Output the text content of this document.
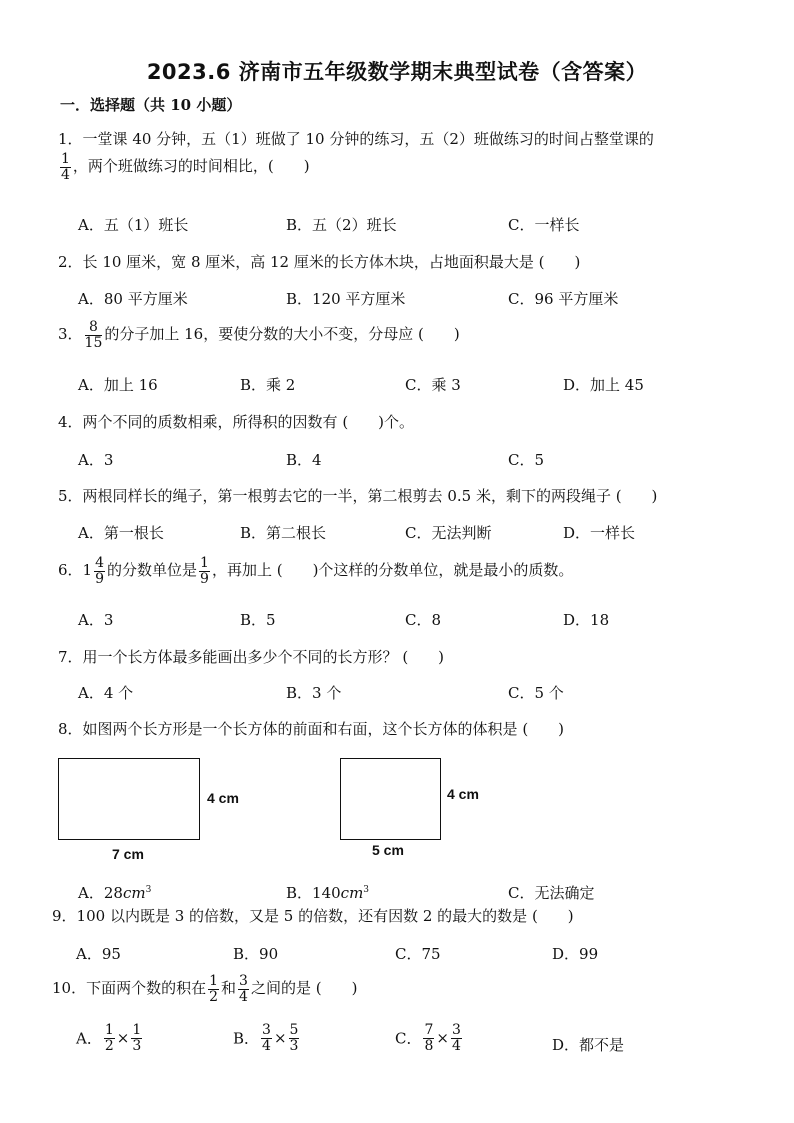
2023.6 济南市五年级数学期末典型试卷（含答案）
一．选择题（共 10 小题）
1．一堂课 40 分钟，五（1）班做了 10 分钟的练习，五（2）班做练习的时间占整堂课的
$\frac{1}{4}$ ，两个班做练习的时间相比，(　　)
A．五（1）班长	B．五（2）班长	C．一样长
2．长 10 厘米，宽 8 厘米，高 12 厘米的长方体木块，占地面积最大是 (　　)
A．80 平方厘米	B．120 平方厘米	C．96 平方厘米
3． $\frac{8}{15}$ 的分子加上 16，要使分数的大小不变，分母应 (　　)
A．加上 16	B．乘 2	C．乘 3	D．加上 45
4．两个不同的质数相乘，所得积的因数有 (　　)个。
A．3	B．4	C．5
5．两根同样长的绳子，第一根剪去它的一半，第二根剪去 0.5 米，剩下的两段绳子 (　　)
A．第一根长	B．第二根长	C．无法判断	D．一样长
6．$1 \frac{4}{9}$ 的分数单位是 $\frac{1}{9}$ ，再加上 (　　)个这样的分数单位，就是最小的质数。
A．3	B．5	C．8	D．18
7．用一个长方体最多能画出多少个不同的长方形？ (　　)
A．4 个	B．3 个	C．5 个
8．如图两个长方形是一个长方体的前面和右面，这个长方体的体积是 (　　)
4 cm
7 cm
4 cm
5 cm
A．$28cm^3$	B．$140cm^3$	C．无法确定
9．100 以内既是 3 的倍数，又是 5 的倍数，还有因数 2 的最大的数是 (　　)
A．95	B．90	C．75	D．99
10．下面两个数的积在 $\frac{1}{2}$ 和 $\frac{3}{4}$ 之间的是 (　　)
A． $\frac{1}{2} \times \frac{1}{3}$	B． $\frac{3}{4} \times \frac{5}{3}$	C． $\frac{7}{8} \times \frac{3}{4}$	D．都不是
